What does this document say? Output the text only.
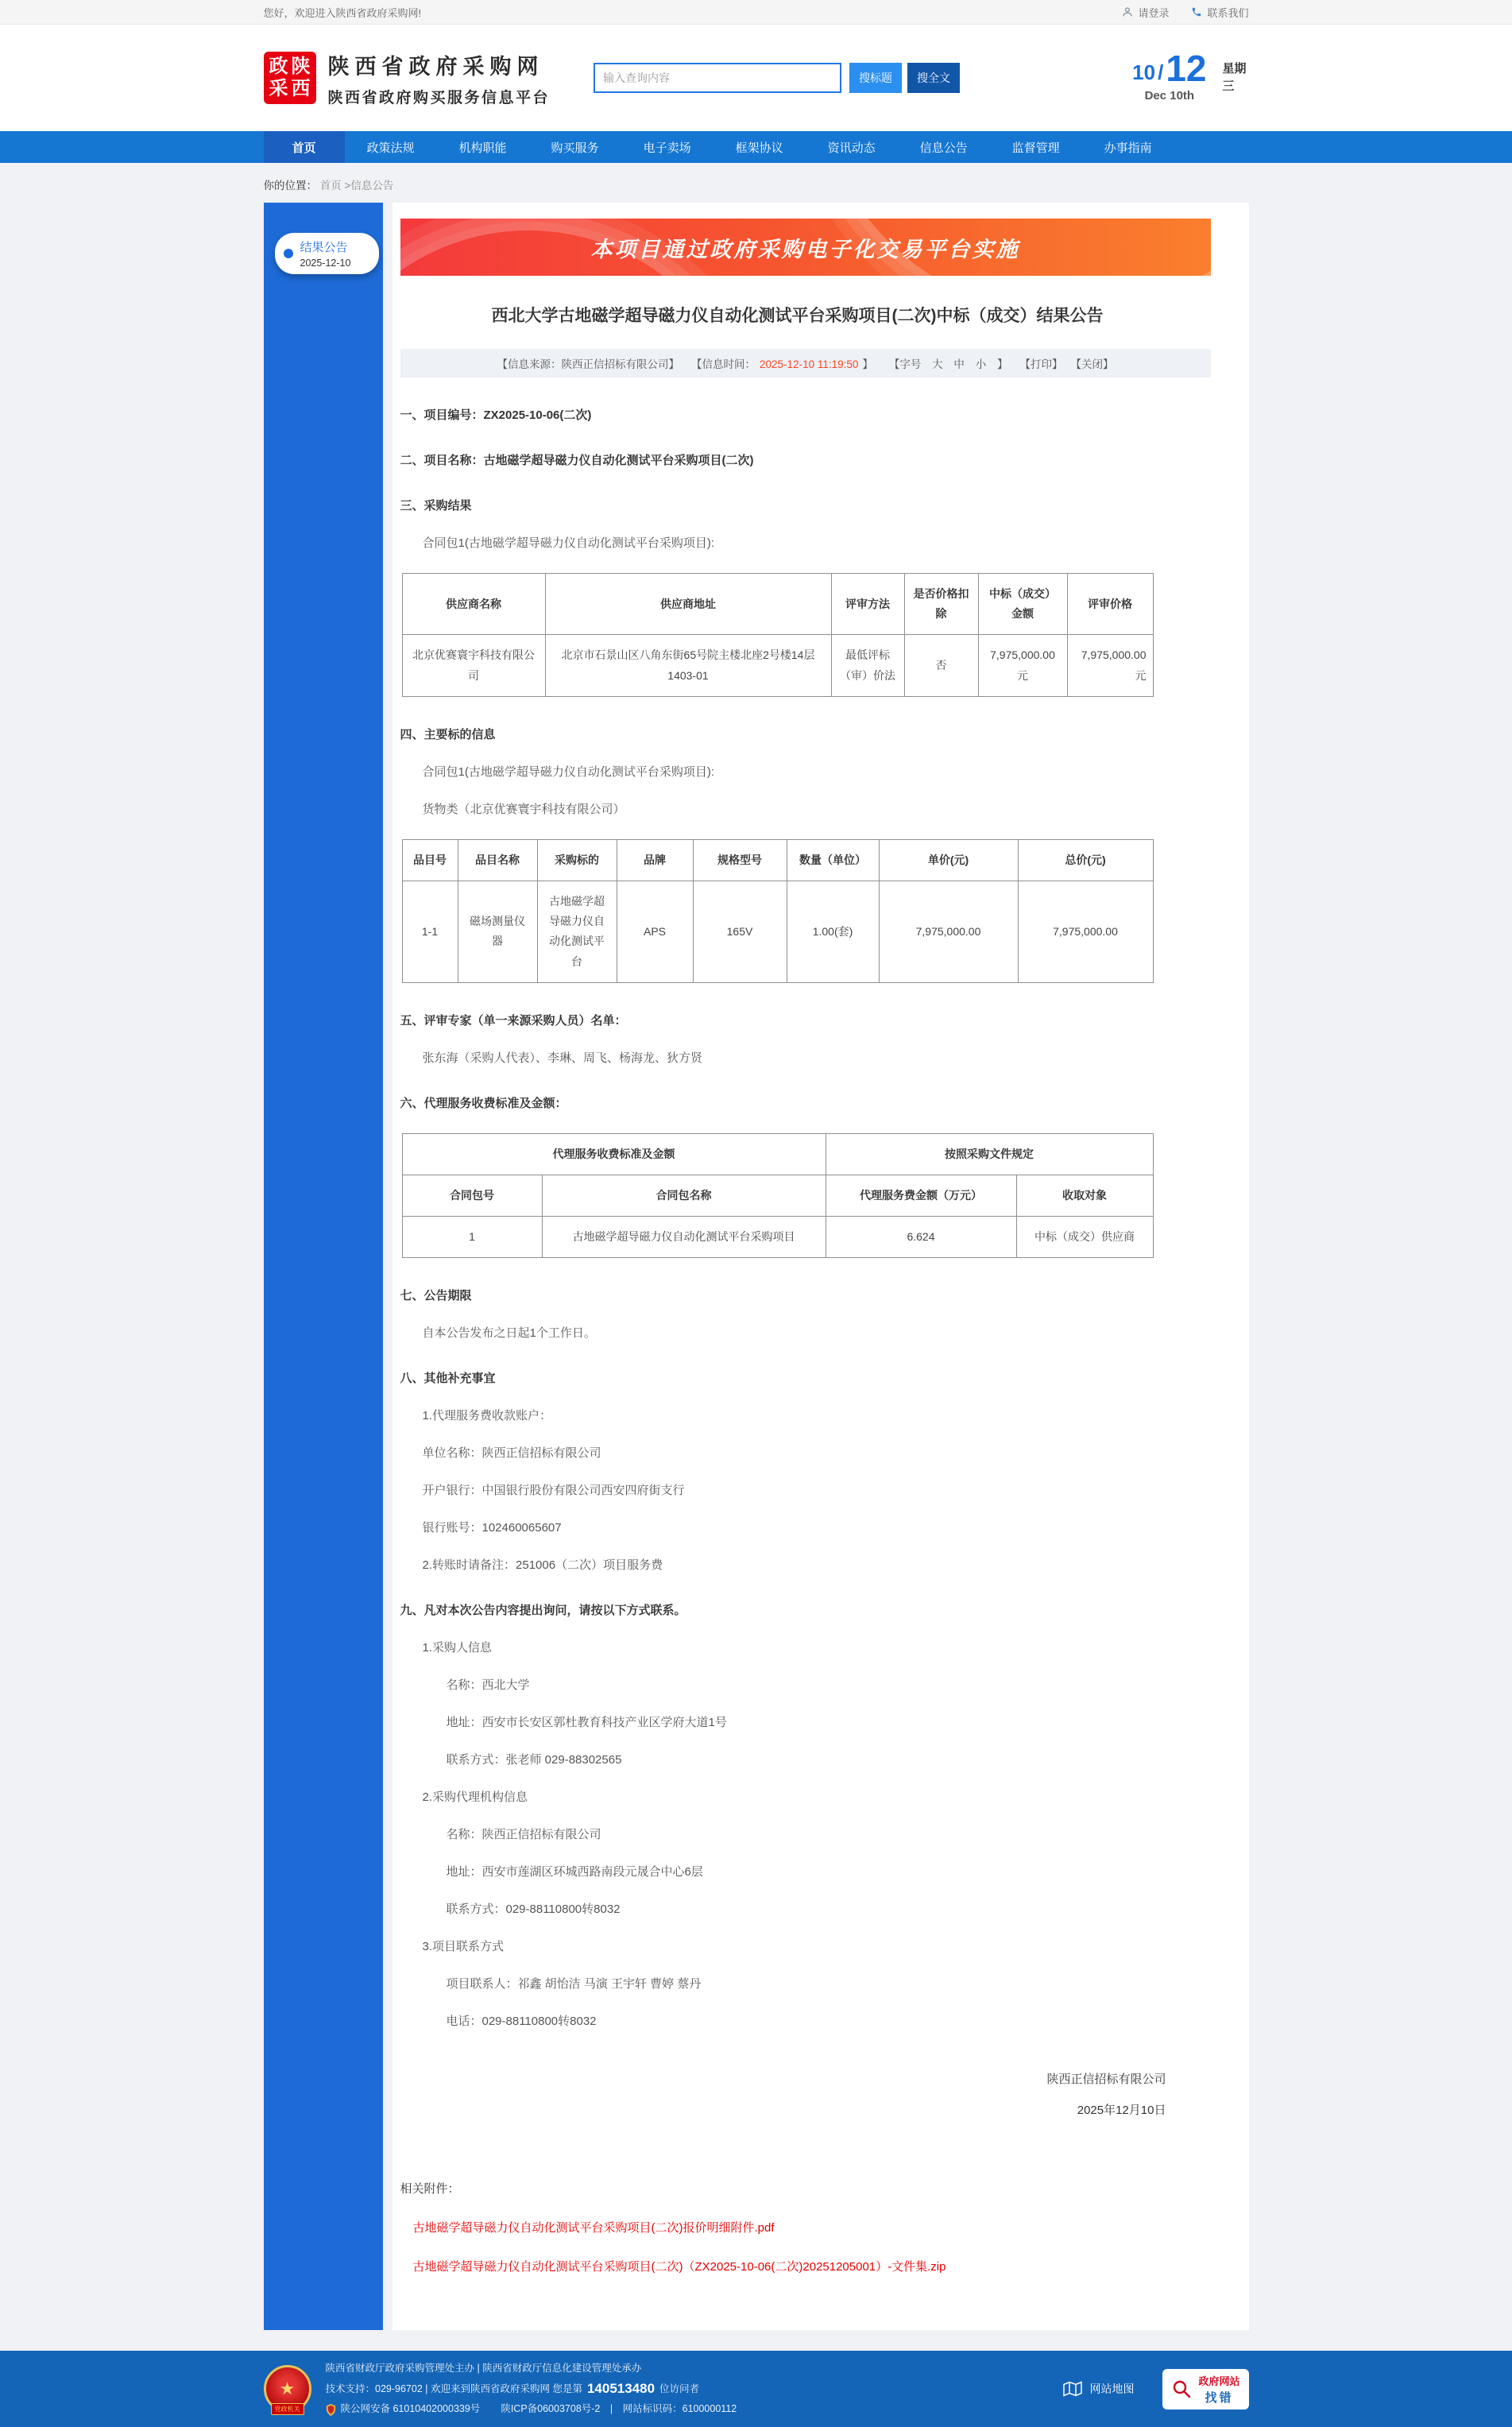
您好，欢迎进入陕西省政府采购网!	请登录	联系我们
政 陕
采 西
陕西省政府采购网
陕西省政府购买服务信息平台
输入查询内容
搜标题	搜全文	10 / 12
Dec 10th
星期三
首页	政策法规	机构职能	购买服务	电子卖场	框架协议	资讯动态	信息公告	监督管理	办事指南
你的位置： 首页 >信息公告
结果公告
2025-12-10
本项目通过政府采购电子化交易平台实施
西北大学古地磁学超导磁力仪自动化测试平台采购项目(二次)中标（成交）结果公告
【信息来源：陕西正信招标有限公司】	【信息时间： 2025-12-10 11:19:50 】	【字号 大 中 小 】	【打印】 【关闭】

一、项目编号：ZX2025-10-06(二次)

二、项目名称：古地磁学超导磁力仪自动化测试平台采购项目(二次)

三、采购结果

合同包1(古地磁学超导磁力仪自动化测试平台采购项目):

供应商名称	供应商地址	评审方法	是否价格扣除	中标（成交）金额	评审价格
北京优赛寰宇科技有限公司	北京市石景山区八角东街65号院主楼北座2号楼14层1403-01	最低评标（审）价法	否	7,975,000.00元	7,975,000.00元

四、主要标的信息

合同包1(古地磁学超导磁力仪自动化测试平台采购项目):

货物类（北京优赛寰宇科技有限公司）

品目号	品目名称	采购标的	品牌	规格型号	数量（单位）	单价(元)	总价(元)
1-1	磁场测量仪器	古地磁学超导磁力仪自动化测试平台	APS	165V	1.00(套)	7,975,000.00	7,975,000.00

五、评审专家（单一来源采购人员）名单：

张东海（采购人代表）、李琳、周飞、杨海龙、狄方贤

六、代理服务收费标准及金额：

代理服务收费标准及金额		按照采购文件规定	
合同包号	合同包名称	代理服务费金额（万元）	收取对象
1	古地磁学超导磁力仪自动化测试平台采购项目	6.624	中标（成交）供应商

七、公告期限

自本公告发布之日起1个工作日。

八、其他补充事宜

1.代理服务费收款账户：

单位名称：陕西正信招标有限公司

开户银行：中国银行股份有限公司西安四府街支行

银行账号：102460065607

2.转账时请备注：251006（二次）项目服务费

九、凡对本次公告内容提出询问，请按以下方式联系。

1.采购人信息

名称：西北大学

地址：西安市长安区郭杜教育科技产业区学府大道1号

联系方式：张老师 029-88302565

2.采购代理机构信息

名称：陕西正信招标有限公司

地址：西安市莲湖区环城西路南段元晟合中心6层

联系方式：029-88110800转8032

3.项目联系方式

项目联系人：祁鑫 胡怡洁 马演 王宇轩 曹婷 蔡丹

电话：029-88110800转8032

陕西正信招标有限公司

2025年12月10日

相关附件：

古地磁学超导磁力仪自动化测试平台采购项目(二次)报价明细附件.pdf
古地磁学超导磁力仪自动化测试平台采购项目(二次)（ZX2025-10-06(二次)20251205001）-文件集.zip
★
党政机关
陕西省财政厅政府采购管理处主办 | 陕西省财政厅信息化建设管理处承办
技术支持：029-96702 | 欢迎来到陕西省政府采购网 您是第 140513480 位访问者
陕公网安备 61010402000339号 陕ICP备06003708号-2　|　网站标识码：6100000112
网站地图
政府网站
找错
